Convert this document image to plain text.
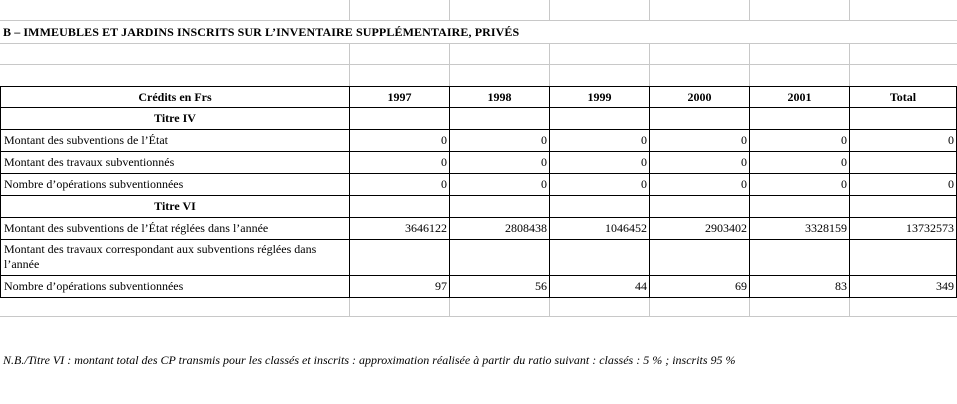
B – IMMEUBLES ET JARDINS INSCRITS SUR L’INVENTAIRE SUPPLÉMENTAIRE, PRIVÉS
Crédits en Frs	1997	1998	1999	2000	2001	Total
Titre IV						
Montant des subventions de l’État	0	0	0	0	0	0
Montant des travaux subventionnés	0	0	0	0	0	
Nombre d’opérations subventionnées	0	0	0	0	0	0
Titre VI						
Montant des subventions de l’État réglées dans l’année	3646122	2808438	1046452	2903402	3328159	13732573
Montant des travaux correspondant aux subventions réglées dans l’année						
Nombre d’opérations subventionnées	97	56	44	69	83	349
N.B./Titre VI : montant total des CP transmis pour les classés et inscrits : approximation réalisée à partir du ratio suivant : classés : 5 % ; inscrits 95 %
